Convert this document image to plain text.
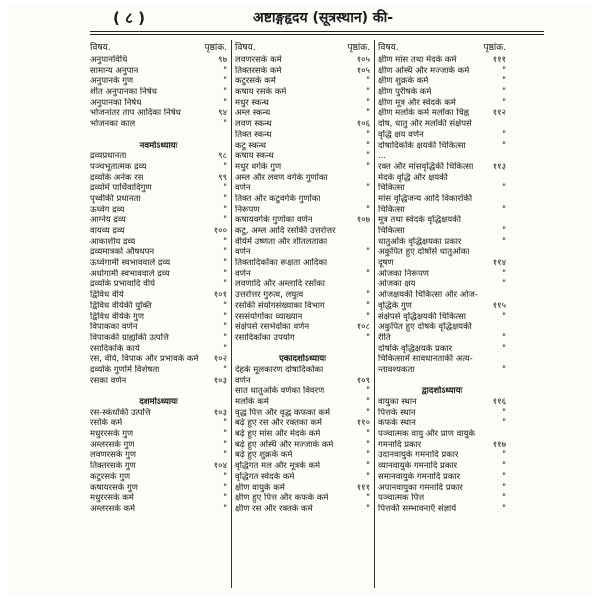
( ८ )	अष्टाङ्गहृदय (सूत्रस्थान) की-
विषय.	पृष्ठांक.
अनुपानविधि	९७
सामान्य अनुपान	"
अनुपानके गुण	"
शीत अनुपानका निषेध	"
अनुपानका निषेध	"
भोजनांतर ताप आदिका निषेध	९४
भोजनका काल	"
नवमोऽध्यायः
द्रव्यप्रधानता	९८
पञ्चभूतात्मक द्रव्य	"
द्रव्योंके अनेक रस	९९
द्रव्योंमें पार्थिवादिगुण	"
पृथ्वीकी प्रधानता	"
ऊर्ध्वग द्रव्य	"
आग्नेय द्रव्य	"
वायव्य द्रव्य	१००
आकाशीय द्रव्य	"
द्रव्यमात्रको औषधपन	"
ऊर्ध्वगामी स्वभाववाले द्रव्य	"
अधोगामी स्वभाववाले द्रव्य	"
द्रव्योंके प्रभावादि वीर्य	"
द्विविध वीर्य	१०१
द्विविध वीर्यकी युक्ति	"
द्विविध वीर्यके गुण	"
विपाकका वर्णन	"
विपाककी ग्राह्योंकी उत्पत्ति	"
रसादिकोंके कार्य	"
रस, वीर्य, विपाक और प्रभावके कर्म	१०२
द्रव्योंके गुणोंमें विशेषता	"
रसका वर्णन	१०३
दशमोऽध्यायः
रस-स्कंधोंकी उत्पत्ति	१०३
रसोंके कर्म	"
मधुररसके गुण	"
अम्लरसके गुण	"
लवणरसके गुण	"
तिक्तरसके गुण	१०४
कटुरसके गुण	"
कषायरसके गुण	"
मधुररसके कर्म	"
अम्लरसके कर्म	"
विषय.	पृष्ठांक.
लवणरसके कर्म	१०५
तिक्तरसके कर्म	१०५
कटुरसके कर्म	"
कषाय रसके कर्म	"
मधुर स्कन्ध	"
अम्ल स्कन्ध	"
लवण स्कन्ध	१०६
तिक्त स्कन्ध	"
कटु स्कन्ध	"
कषाय स्कन्ध	"
मधुर वर्गके गुण	"
अम्ल और लवण वर्गके गुणोंका
वर्णन	"
तिक्त और कटुवर्गके गुणोंका
निरूपण	"
कषायवर्गके गुणोंका वर्णन	१०७
कटु, अम्ल आदि रसोंकी उत्तरोत्तर
वीर्यमें उष्णता और शीतलताका
वर्णन	"
तिक्तादिकोंका रूक्षता आदिका
वर्णन	"
लवणादि और अम्लादि रसोंका
उत्तरोत्तर गुरुत्व, लघुत्व	"
रसोंकी संयोगसंख्याका विभाग	"
रससंयोगोंका व्याख्यान	"
संक्षेपसे रसभेदोंका वर्णन	१०८
रसादिकोंका उपयोग	"
एकादशोऽध्यायः
देहके मूलकारण दोषादिकोंका
वर्णन	१०९
सात धातुओंके वर्णका विवरण	"
मलोंके कर्म	"
वृद्ध पित्त और वृद्ध कफका कर्म	"
बढ़े हुए रस और रक्तका कर्म	११०
बढ़े हुए मांस और मेदके कर्म	"
बढ़े हुए अस्थि और मज्जाके कर्म	"
बढ़े हुए शुक्रके कर्म	"
वृद्धिगत मल और मूत्रके कर्म	"
वृद्धिगत स्वेदके कर्म	"
क्षीण वायुके कर्म	१११
क्षीण हुए पित्त और कफके कर्म	"
क्षीण रस और रक्तके कर्म	"
विषय.	पृष्ठांक.
क्षीण मांस तथा मेदके कर्म	१११
क्षीण अस्थि और मज्जाके कर्म	"
क्षीण शुक्रके कर्म	"
क्षीण पुरीषके कर्म	"
क्षीण मूत्र और स्वेदके कर्म	"
क्षीण मलोंके कर्म मलोंका चिह्न	११२
दोष, धातु और मलोंकी संक्षेपसे
वृद्धि क्षय वर्णन	"
दोषादिकोंके क्षयकी चिकित्सा	"
...
रक्त और मांसवृद्धिकी चिकित्सा	११३
मेदके वृद्धि और क्षयकी
चिकित्सा	"
मांस वृद्धिजन्य आदि विकारोंकी
चिकित्सा	"
मूत्र तथा स्वेदके वृद्धिक्षयकी
चिकित्सा	"
धातुओंके वृद्धिक्षयका प्रकार	"
अकुपित हुए दोषोंसे धातुओंका
दूषण	११४
ओजका निरूपण	"
ओजका क्षय	"
ओजक्षयकी चिकित्सा और ओज-
वृद्धिके गुण	११५
संक्षेपसे वृद्धिक्षयकी चिकित्सा	"
अकुपित हुए दोषके वृद्धिक्षयकी
रीति	"
दोषोंके वृद्धिक्षयके प्रकार	"
चिकित्सामें सावधानताकी अत्य-
न्तावश्यकता	"
द्वादशोऽध्यायः
वायुका स्थान	११६
पित्तके स्थान	"
कफके स्थान	"
पञ्चात्मक वायु और प्राण वायुके
गमनादि प्रकार	११७
उदानवायुके गमनादि प्रकार	"
व्यानवायुके गमनादि प्रकार	"
समानवायुके गमनादि प्रकार	"
अपानवायुका गमनादि प्रकार	"
पञ्चात्मक पित्त	"
पित्तकी सम्भावनाएँ संज्ञायें	"
